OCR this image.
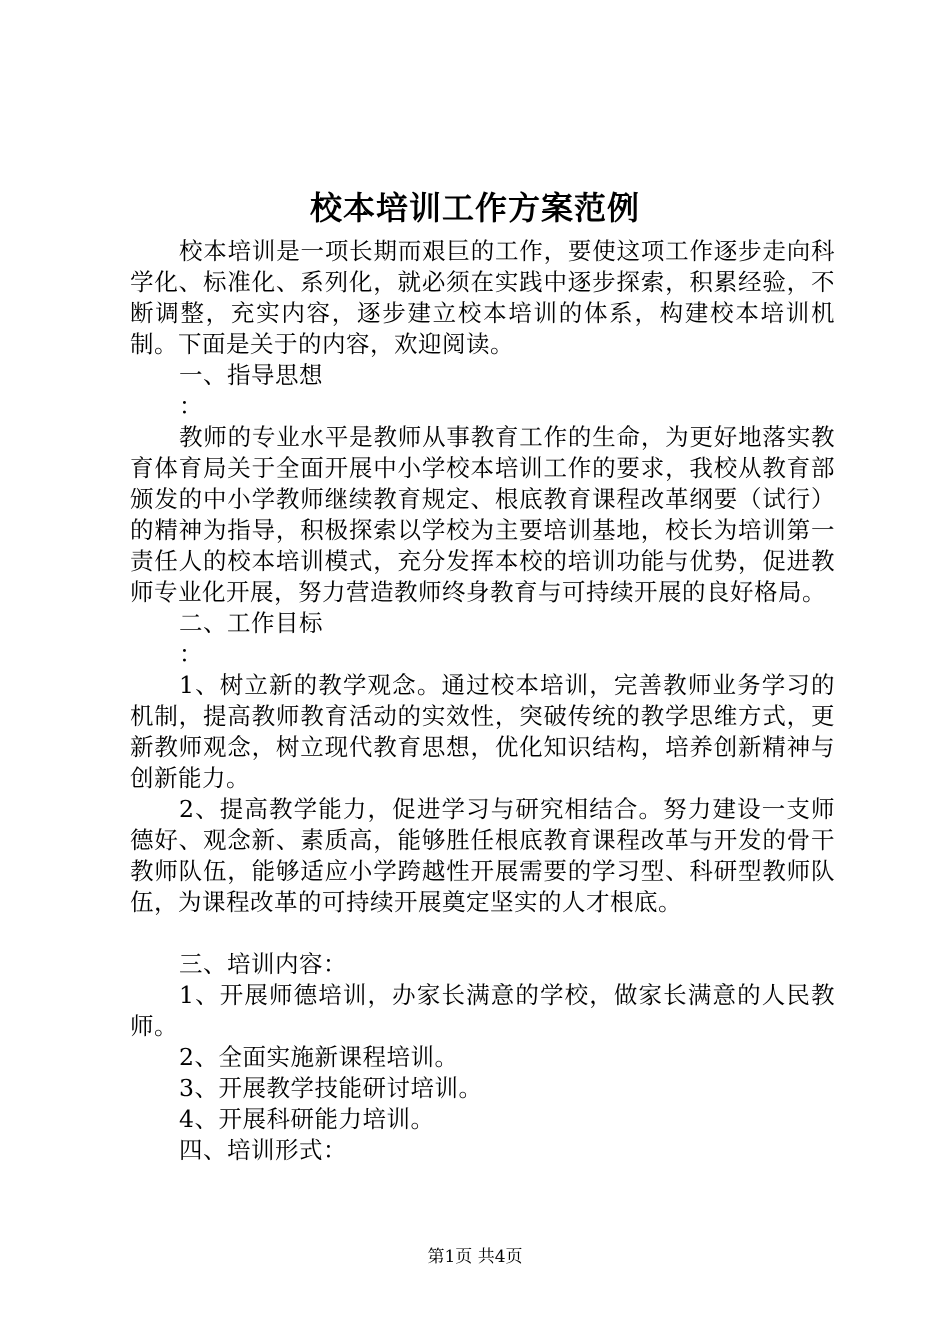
校本培训工作方案范例

校本培训是一项长期而艰巨的工作，要使这项工作逐步走向科学化、标准化、系列化，就必须在实践中逐步探索，积累经验，不断调整，充实内容，逐步建立校本培训的体系，构建校本培训机制。下面是关于的内容，欢迎阅读。

一、指导思想

：

教师的专业水平是教师从事教育工作的生命，为更好地落实教育体育局关于全面开展中小学校本培训工作的要求，我校从教育部颁发的中小学教师继续教育规定、根底教育课程改革纲要（试行）的精神为指导，积极探索以学校为主要培训基地，校长为培训第一责任人的校本培训模式，充分发挥本校的培训功能与优势，促进教师专业化开展，努力营造教师终身教育与可持续开展的良好格局。

二、工作目标

：

1、树立新的教学观念。通过校本培训，完善教师业务学习的机制，提高教师教育活动的实效性，突破传统的教学思维方式，更新教师观念，树立现代教育思想，优化知识结构，培养创新精神与创新能力。

2、提高教学能力，促进学习与研究相结合。努力建设一支师德好、观念新、素质高，能够胜任根底教育课程改革与开发的骨干教师队伍，能够适应小学跨越性开展需要的学习型、科研型教师队伍，为课程改革的可持续开展奠定坚实的人才根底。

三、培训内容：

1、开展师德培训，办家长满意的学校，做家长满意的人民教师。

2、全面实施新课程培训。

3、开展教学技能研讨培训。

4、开展科研能力培训。

四、培训形式：

第1页 共4页
